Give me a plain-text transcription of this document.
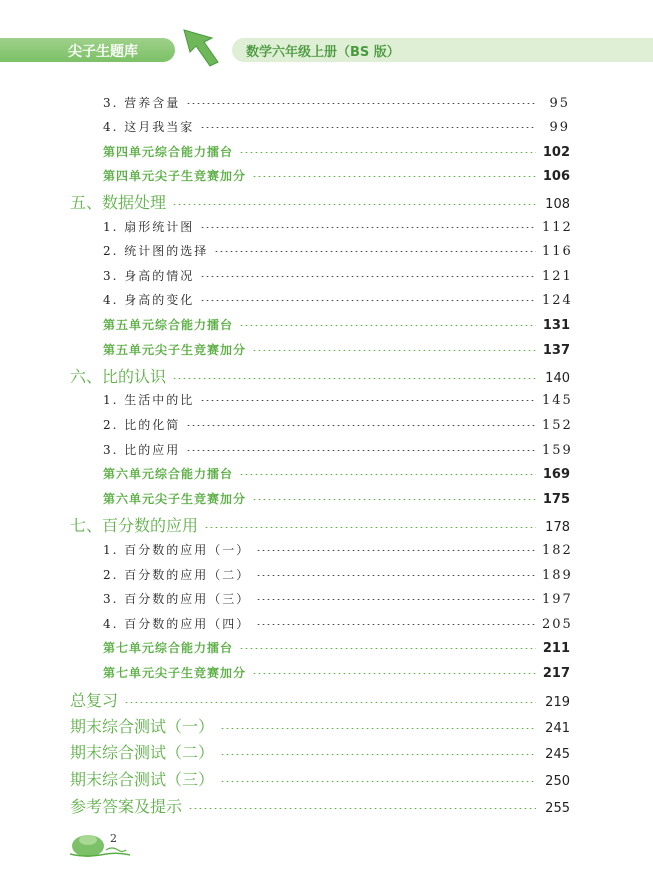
尖子生题库	数学六年级上册（BS 版）
3. 营养含量	95
4. 这月我当家	99
第四单元综合能力擂台	102
第四单元尖子生竞赛加分	106
五、数据处理	108
1. 扇形统计图	112
2. 统计图的选择	116
3. 身高的情况	121
4. 身高的变化	124
第五单元综合能力擂台	131
第五单元尖子生竞赛加分	137
六、比的认识	140
1. 生活中的比	145
2. 比的化简	152
3. 比的应用	159
第六单元综合能力擂台	169
第六单元尖子生竞赛加分	175
七、百分数的应用	178
1. 百分数的应用（一）	182
2. 百分数的应用（二）	189
3. 百分数的应用（三）	197
4. 百分数的应用（四）	205
第七单元综合能力擂台	211
第七单元尖子生竞赛加分	217
总复习	219
期末综合测试（一）	241
期末综合测试（二）	245
期末综合测试（三）	250
参考答案及提示	255
2
